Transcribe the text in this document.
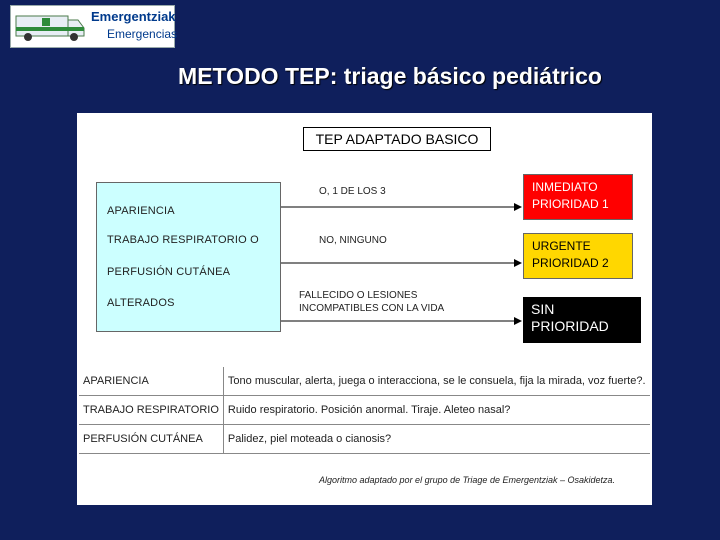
Emergentziak
Emergencias
METODO TEP: triage básico pediátrico
TEP ADAPTADO BASICO
APARIENCIA
TRABAJO RESPIRATORIO O
PERFUSIÓN CUTÁNEA
ALTERADOS
O, 1 DE LOS 3
NO, NINGUNO
FALLECIDO O LESIONES
INCOMPATIBLES CON LA VIDA
INMEDIATO
PRIORIDAD 1
URGENTE
PRIORIDAD 2
SIN
PRIORIDAD
APARIENCIA	Tono muscular, alerta, juega o interacciona, se le consuela, fija la mirada, voz fuerte?.
TRABAJO RESPIRATORIO	Ruido respiratorio. Posición anormal. Tiraje. Aleteo nasal?
PERFUSIÓN CUTÁNEA	Palidez, piel moteada o cianosis?
Algoritmo adaptado por el grupo de Triage de Emergentziak – Osakidetza.
